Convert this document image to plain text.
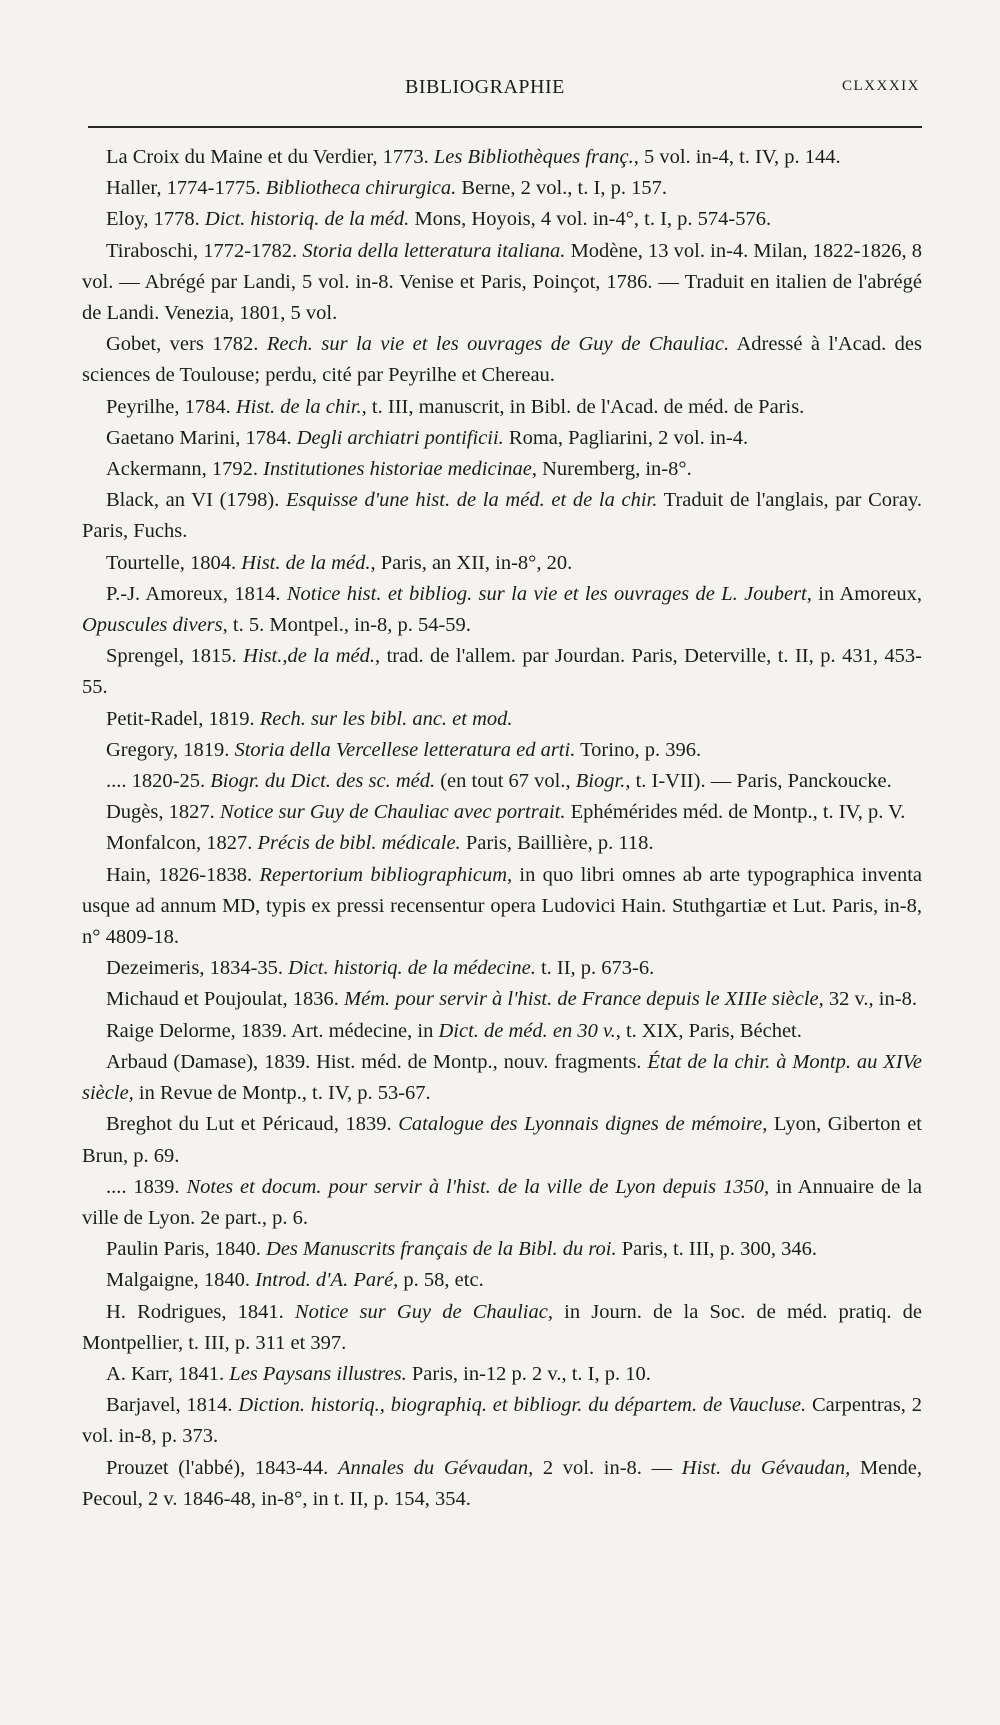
BIBLIOGRAPHIE	CLXXXIX

La Croix du Maine et du Verdier, 1773. Les Bibliothèques franç., 5 vol. in-4, t. IV, p. 144.

Haller, 1774-1775. Bibliotheca chirurgica. Berne, 2 vol., t. I, p. 157.

Eloy, 1778. Dict. historiq. de la méd. Mons, Hoyois, 4 vol. in-4°, t. I, p. 574-576.

Tiraboschi, 1772-1782. Storia della letteratura italiana. Modène, 13 vol. in-4. Milan, 1822-1826, 8 vol. — Abrégé par Landi, 5 vol. in-8. Venise et Paris, Poinçot, 1786. — Traduit en italien de l'abrégé de Landi. Venezia, 1801, 5 vol.

Gobet, vers 1782. Rech. sur la vie et les ouvrages de Guy de Chauliac. Adressé à l'Acad. des sciences de Toulouse; perdu, cité par Peyrilhe et Chereau.

Peyrilhe, 1784. Hist. de la chir., t. III, manuscrit, in Bibl. de l'Acad. de méd. de Paris.

Gaetano Marini, 1784. Degli archiatri pontificii. Roma, Pagliarini, 2 vol. in-4.

Ackermann, 1792. Institutiones historiae medicinae, Nuremberg, in-8°.

Black, an VI (1798). Esquisse d'une hist. de la méd. et de la chir. Traduit de l'anglais, par Coray. Paris, Fuchs.

Tourtelle, 1804. Hist. de la méd., Paris, an XII, in-8°, 20.

P.-J. Amoreux, 1814. Notice hist. et bibliog. sur la vie et les ouvrages de L. Joubert, in Amoreux, Opuscules divers, t. 5. Montpel., in-8, p. 54-59.

Sprengel, 1815. Hist.,de la méd., trad. de l'allem. par Jourdan. Paris, Deterville, t. II, p. 431, 453-55.

Petit-Radel, 1819. Rech. sur les bibl. anc. et mod.

Gregory, 1819. Storia della Vercellese letteratura ed arti. Torino, p. 396.

.... 1820-25. Biogr. du Dict. des sc. méd. (en tout 67 vol., Biogr., t. I-VII). — Paris, Panckoucke.

Dugès, 1827. Notice sur Guy de Chauliac avec portrait. Ephémérides méd. de Montp., t. IV, p. V.

Monfalcon, 1827. Précis de bibl. médicale. Paris, Baillière, p. 118.

Hain, 1826-1838. Repertorium bibliographicum, in quo libri omnes ab arte typographica inventa usque ad annum MD, typis ex pressi recensentur opera Ludovici Hain. Stuthgartiæ et Lut. Paris, in-8, n° 4809-18.

Dezeimeris, 1834-35. Dict. historiq. de la médecine. t. II, p. 673-6.

Michaud et Poujoulat, 1836. Mém. pour servir à l'hist. de France depuis le XIIIe siècle, 32 v., in-8.

Raige Delorme, 1839. Art. médecine, in Dict. de méd. en 30 v., t. XIX, Paris, Béchet.

Arbaud (Damase), 1839. Hist. méd. de Montp., nouv. fragments. État de la chir. à Montp. au XIVe siècle, in Revue de Montp., t. IV, p. 53-67.

Breghot du Lut et Péricaud, 1839. Catalogue des Lyonnais dignes de mémoire, Lyon, Giberton et Brun, p. 69.

.... 1839. Notes et docum. pour servir à l'hist. de la ville de Lyon depuis 1350, in Annuaire de la ville de Lyon. 2e part., p. 6.

Paulin Paris, 1840. Des Manuscrits français de la Bibl. du roi. Paris, t. III, p. 300, 346.

Malgaigne, 1840. Introd. d'A. Paré, p. 58, etc.

H. Rodrigues, 1841. Notice sur Guy de Chauliac, in Journ. de la Soc. de méd. pratiq. de Montpellier, t. III, p. 311 et 397.

A. Karr, 1841. Les Paysans illustres. Paris, in-12 p. 2 v., t. I, p. 10.

Barjavel, 1814. Diction. historiq., biographiq. et bibliogr. du départem. de Vaucluse. Carpentras, 2 vol. in-8, p. 373.

Prouzet (l'abbé), 1843-44. Annales du Gévaudan, 2 vol. in-8. — Hist. du Gévaudan, Mende, Pecoul, 2 v. 1846-48, in-8°, in t. II, p. 154, 354.
